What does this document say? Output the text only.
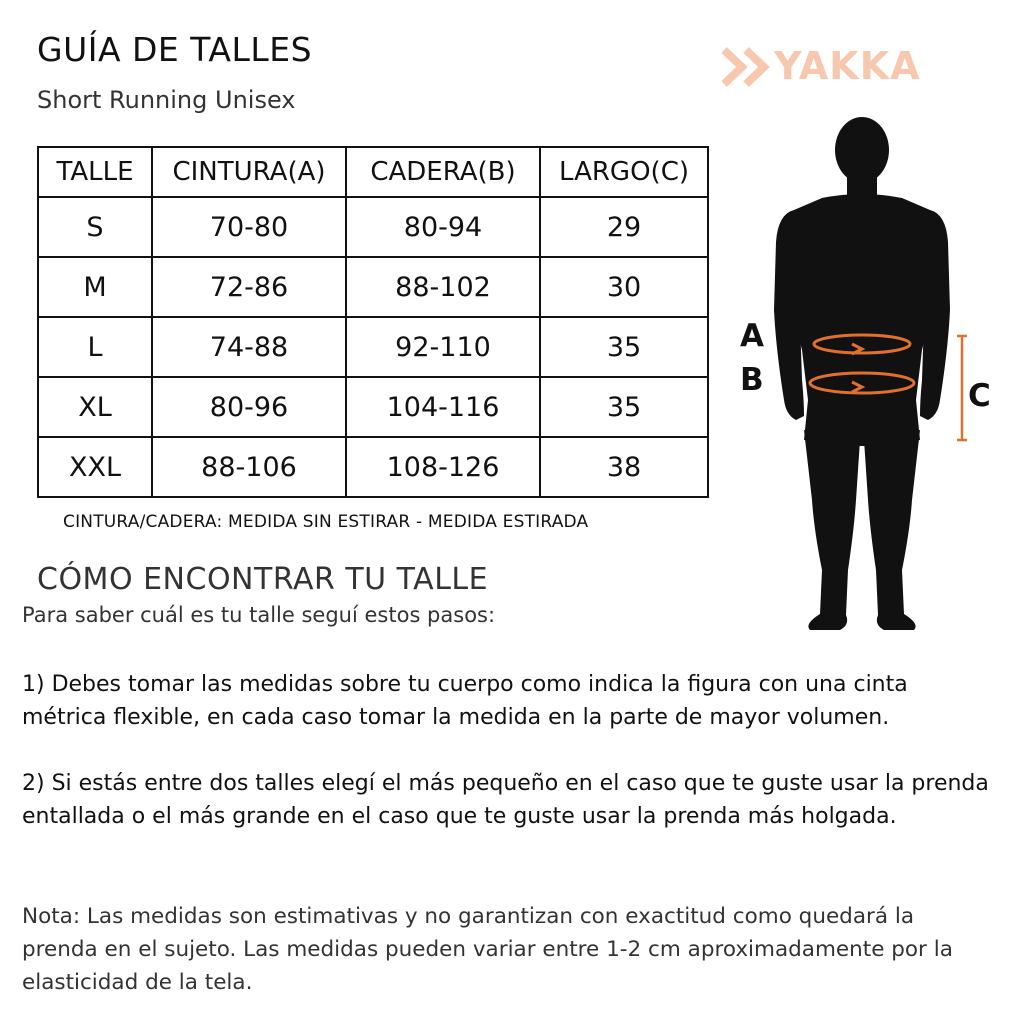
GUÍA DE TALLES
Short Running Unisex
YAKKA
TALLE	CINTURA(A)	CADERA(B)	LARGO(C)
S	70-80	80-94	29
M	72-86	88-102	30
L	74-88	92-110	35
XL	80-96	104-116	35
XXL	88-106	108-126	38
CINTURA/CADERA: MEDIDA SIN ESTIRAR - MEDIDA ESTIRADA
CÓMO ENCONTRAR TU TALLE
Para saber cuál es tu talle seguí estos pasos:
1) Debes tomar las medidas sobre tu cuerpo como indica la figura con una cinta métrica flexible, en cada caso tomar la medida en la parte de mayor volumen.
2) Si estás entre dos talles elegí el más pequeño en el caso que te guste usar la prenda entallada o el más grande en el caso que te guste usar la prenda más holgada.
Nota: Las medidas son estimativas y no garantizan con exactitud como quedará la prenda en el sujeto. Las medidas pueden variar entre 1-2 cm aproximadamente por la elasticidad de la tela.
A
B	C
